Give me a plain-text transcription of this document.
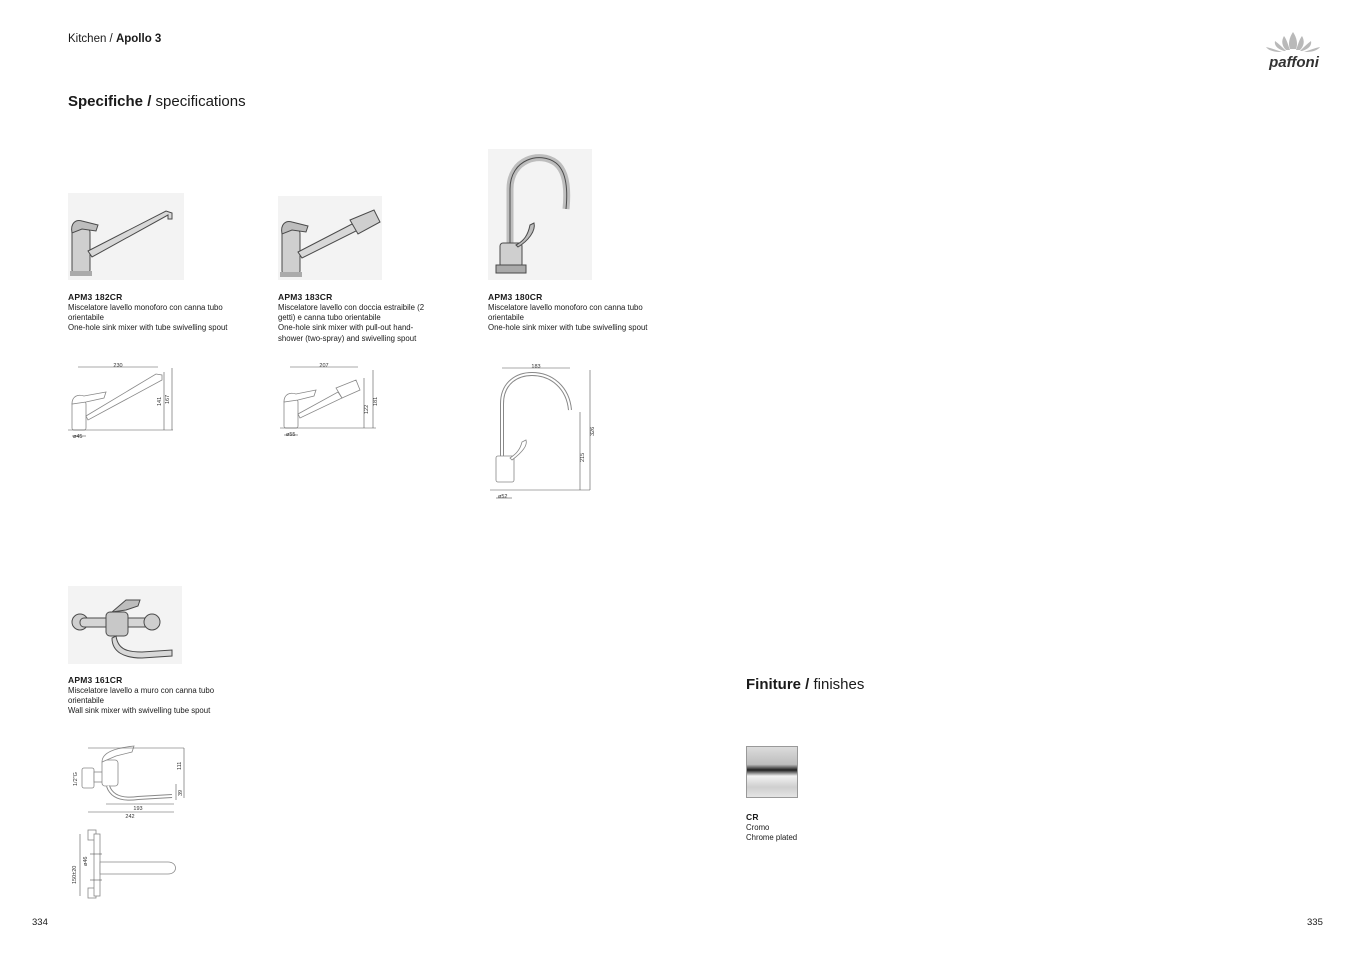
Kitchen / Apollo 3
paffoni
Specifiche / specifications
APM3 182CR
Miscelatore lavello monoforo con canna tubo orientabile
One-hole sink mixer with tube swivelling spout
230
141 167
ø45
APM3 183CR
Miscelatore lavello con doccia estraibile (2 getti) e canna tubo orientabile
One-hole sink mixer with pull-out hand-shower (two-spray) and swivelling spout
207
122
181
ø55
APM3 180CR
Miscelatore lavello monoforo con canna tubo orientabile
One-hole sink mixer with tube swivelling spout
183
215
326
ø52
APM3 161CR
Miscelatore lavello a muro con canna tubo orientabile
Wall sink mixer with swivelling tube spout
1/2"G
111
39
193
242
150±20
ø46
Finiture / finishes
CR
Cromo
Chrome plated
334	335
